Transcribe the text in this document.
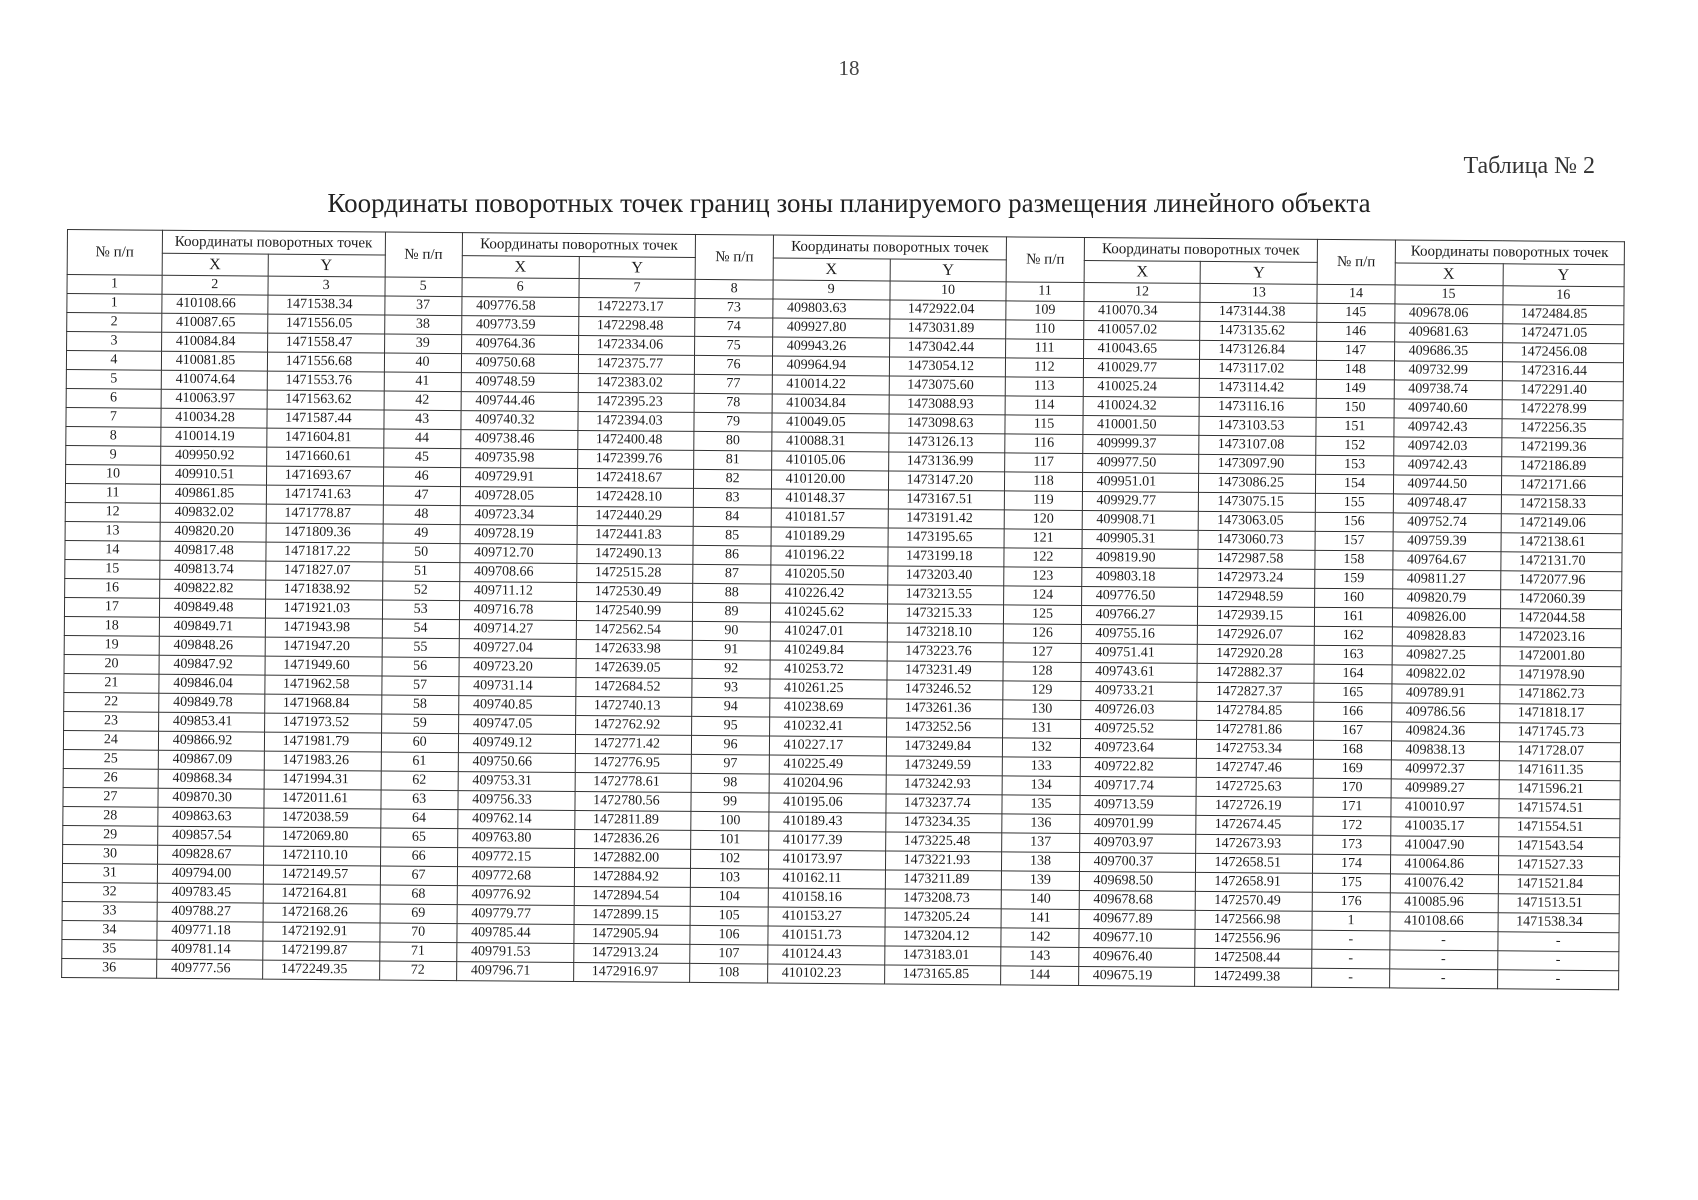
18
Таблица № 2
Координаты поворотных точек границ зоны планируемого размещения линейного объекта
№ п/п	Координаты поворотных точек		№ п/п	Координаты поворотных точек		№ п/п	Координаты поворотных точек		№ п/п	Координаты поворотных точек		№ п/п	Координаты поворотных точек	
	X	Y		X	Y		X	Y		X	Y		X	Y
1	2	3	5	6	7	8	9	10	11	12	13	14	15	16
1	410108.66	1471538.34	37	409776.58	1472273.17	73	409803.63	1472922.04	109	410070.34	1473144.38	145	409678.06	1472484.85
2	410087.65	1471556.05	38	409773.59	1472298.48	74	409927.80	1473031.89	110	410057.02	1473135.62	146	409681.63	1472471.05
3	410084.84	1471558.47	39	409764.36	1472334.06	75	409943.26	1473042.44	111	410043.65	1473126.84	147	409686.35	1472456.08
4	410081.85	1471556.68	40	409750.68	1472375.77	76	409964.94	1473054.12	112	410029.77	1473117.02	148	409732.99	1472316.44
5	410074.64	1471553.76	41	409748.59	1472383.02	77	410014.22	1473075.60	113	410025.24	1473114.42	149	409738.74	1472291.40
6	410063.97	1471563.62	42	409744.46	1472395.23	78	410034.84	1473088.93	114	410024.32	1473116.16	150	409740.60	1472278.99
7	410034.28	1471587.44	43	409740.32	1472394.03	79	410049.05	1473098.63	115	410001.50	1473103.53	151	409742.43	1472256.35
8	410014.19	1471604.81	44	409738.46	1472400.48	80	410088.31	1473126.13	116	409999.37	1473107.08	152	409742.03	1472199.36
9	409950.92	1471660.61	45	409735.98	1472399.76	81	410105.06	1473136.99	117	409977.50	1473097.90	153	409742.43	1472186.89
10	409910.51	1471693.67	46	409729.91	1472418.67	82	410120.00	1473147.20	118	409951.01	1473086.25	154	409744.50	1472171.66
11	409861.85	1471741.63	47	409728.05	1472428.10	83	410148.37	1473167.51	119	409929.77	1473075.15	155	409748.47	1472158.33
12	409832.02	1471778.87	48	409723.34	1472440.29	84	410181.57	1473191.42	120	409908.71	1473063.05	156	409752.74	1472149.06
13	409820.20	1471809.36	49	409728.19	1472441.83	85	410189.29	1473195.65	121	409905.31	1473060.73	157	409759.39	1472138.61
14	409817.48	1471817.22	50	409712.70	1472490.13	86	410196.22	1473199.18	122	409819.90	1472987.58	158	409764.67	1472131.70
15	409813.74	1471827.07	51	409708.66	1472515.28	87	410205.50	1473203.40	123	409803.18	1472973.24	159	409811.27	1472077.96
16	409822.82	1471838.92	52	409711.12	1472530.49	88	410226.42	1473213.55	124	409776.50	1472948.59	160	409820.79	1472060.39
17	409849.48	1471921.03	53	409716.78	1472540.99	89	410245.62	1473215.33	125	409766.27	1472939.15	161	409826.00	1472044.58
18	409849.71	1471943.98	54	409714.27	1472562.54	90	410247.01	1473218.10	126	409755.16	1472926.07	162	409828.83	1472023.16
19	409848.26	1471947.20	55	409727.04	1472633.98	91	410249.84	1473223.76	127	409751.41	1472920.28	163	409827.25	1472001.80
20	409847.92	1471949.60	56	409723.20	1472639.05	92	410253.72	1473231.49	128	409743.61	1472882.37	164	409822.02	1471978.90
21	409846.04	1471962.58	57	409731.14	1472684.52	93	410261.25	1473246.52	129	409733.21	1472827.37	165	409789.91	1471862.73
22	409849.78	1471968.84	58	409740.85	1472740.13	94	410238.69	1473261.36	130	409726.03	1472784.85	166	409786.56	1471818.17
23	409853.41	1471973.52	59	409747.05	1472762.92	95	410232.41	1473252.56	131	409725.52	1472781.86	167	409824.36	1471745.73
24	409866.92	1471981.79	60	409749.12	1472771.42	96	410227.17	1473249.84	132	409723.64	1472753.34	168	409838.13	1471728.07
25	409867.09	1471983.26	61	409750.66	1472776.95	97	410225.49	1473249.59	133	409722.82	1472747.46	169	409972.37	1471611.35
26	409868.34	1471994.31	62	409753.31	1472778.61	98	410204.96	1473242.93	134	409717.74	1472725.63	170	409989.27	1471596.21
27	409870.30	1472011.61	63	409756.33	1472780.56	99	410195.06	1473237.74	135	409713.59	1472726.19	171	410010.97	1471574.51
28	409863.63	1472038.59	64	409762.14	1472811.89	100	410189.43	1473234.35	136	409701.99	1472674.45	172	410035.17	1471554.51
29	409857.54	1472069.80	65	409763.80	1472836.26	101	410177.39	1473225.48	137	409703.97	1472673.93	173	410047.90	1471543.54
30	409828.67	1472110.10	66	409772.15	1472882.00	102	410173.97	1473221.93	138	409700.37	1472658.51	174	410064.86	1471527.33
31	409794.00	1472149.57	67	409772.68	1472884.92	103	410162.11	1473211.89	139	409698.50	1472658.91	175	410076.42	1471521.84
32	409783.45	1472164.81	68	409776.92	1472894.54	104	410158.16	1473208.73	140	409678.68	1472570.49	176	410085.96	1471513.51
33	409788.27	1472168.26	69	409779.77	1472899.15	105	410153.27	1473205.24	141	409677.89	1472566.98	1	410108.66	1471538.34
34	409771.18	1472192.91	70	409785.44	1472905.94	106	410151.73	1473204.12	142	409677.10	1472556.96	-	-	-
35	409781.14	1472199.87	71	409791.53	1472913.24	107	410124.43	1473183.01	143	409676.40	1472508.44	-	-	-
36	409777.56	1472249.35	72	409796.71	1472916.97	108	410102.23	1473165.85	144	409675.19	1472499.38	-	-	-
